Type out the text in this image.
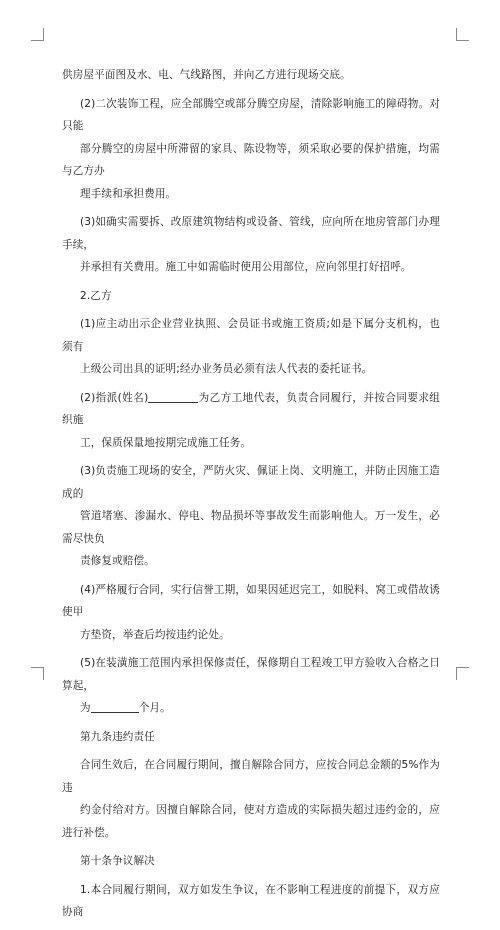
供房屋平面图及水、电、气线路图，并向乙方进行现场交底。

(2)二次装饰工程，应全部腾空或部分腾空房屋，清除影响施工的障碍物。对只能
部分腾空的房屋中所滞留的家具、陈设物等，须采取必要的保护措施，均需与乙方办
理手续和承担费用。

(3)如确实需要拆、改原建筑物结构或设备、管线，应向所在地房管部门办理手续，
并承担有关费用。施工中如需临时使用公用部位，应向邻里打好招呼。

2.乙方

(1)应主动出示企业营业执照、会员证书或施工资质;如是下属分支机构，也须有
上级公司出具的证明;经办业务员必须有法人代表的委托证书。

(2)指派(姓名)	为乙方工地代表，负责合同履行，并按合同要求组织施
工，保质保量地按期完成施工任务。

(3)负责施工现场的安全，严防火灾、佩证上岗、文明施工，并防止因施工造成的
管道堵塞、渗漏水、停电、物品损坏等事故发生而影响他人。万一发生，必需尽快负
责修复或赔偿。

(4)严格履行合同，实行信誉工期，如果因延迟完工，如脱料、窝工或借故诱使甲
方垫资，举查后均按违约论处。

(5)在装潢施工范围内承担保修责任，保修期自工程竣工甲方验收入合格之日算起，
为	个月。

第九条违约责任

合同生效后，在合同履行期间，擅自解除合同方，应按合同总金额的5%作为违
约金付给对方。因擅自解除合同，使对方造成的实际损失超过违约金的，应进行补偿。

第十条争议解决

1.本合同履行期间，双方如发生争议，在不影响工程进度的前提下，双方应协商
